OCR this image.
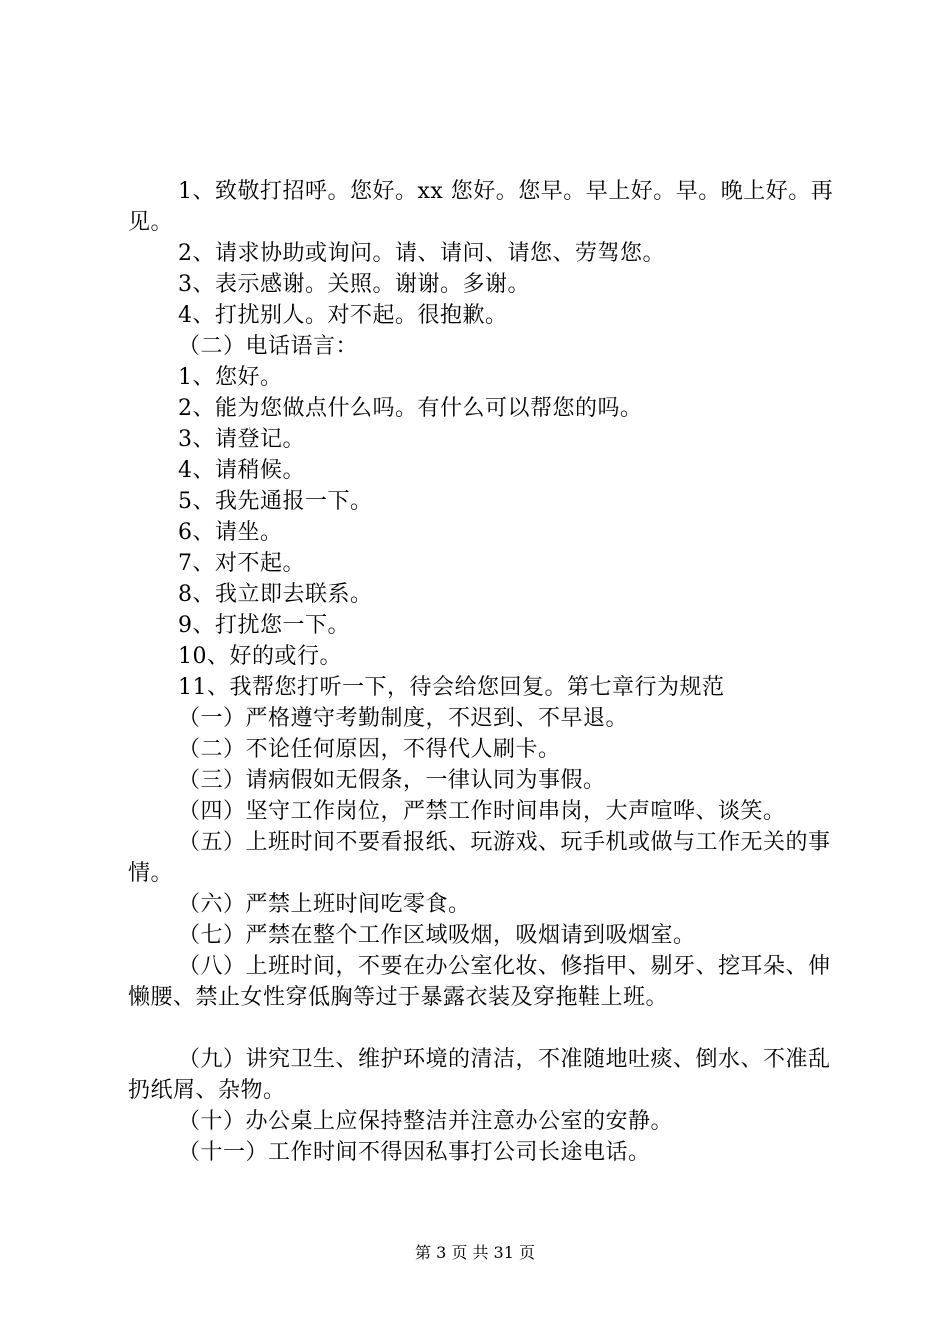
1、致敬打招呼。您好。xx 您好。您早。早上好。早。晚上好。再见。

2、请求协助或询问。请、请问、请您、劳驾您。

3、表示感谢。关照。谢谢。多谢。

4、打扰别人。对不起。很抱歉。

（二）电话语言：

1、您好。

2、能为您做点什么吗。有什么可以帮您的吗。

3、请登记。

4、请稍候。

5、我先通报一下。

6、请坐。

7、对不起。

8、我立即去联系。

9、打扰您一下。

10、好的或行。

11、我帮您打听一下，待会给您回复。第七章行为规范

（一）严格遵守考勤制度，不迟到、不早退。

（二）不论任何原因，不得代人刷卡。

（三）请病假如无假条，一律认同为事假。

（四）坚守工作岗位，严禁工作时间串岗，大声喧哗、谈笑。

（五）上班时间不要看报纸、玩游戏、玩手机或做与工作无关的事情。

（六）严禁上班时间吃零食。

（七）严禁在整个工作区域吸烟，吸烟请到吸烟室。

（八）上班时间，不要在办公室化妆、修指甲、剔牙、挖耳朵、伸懒腰、禁止女性穿低胸等过于暴露衣装及穿拖鞋上班。

（九）讲究卫生、维护环境的清洁，不准随地吐痰、倒水、不准乱扔纸屑、杂物。

（十）办公桌上应保持整洁并注意办公室的安静。

（十一）工作时间不得因私事打公司长途电话。

第 3 页 共 31 页
